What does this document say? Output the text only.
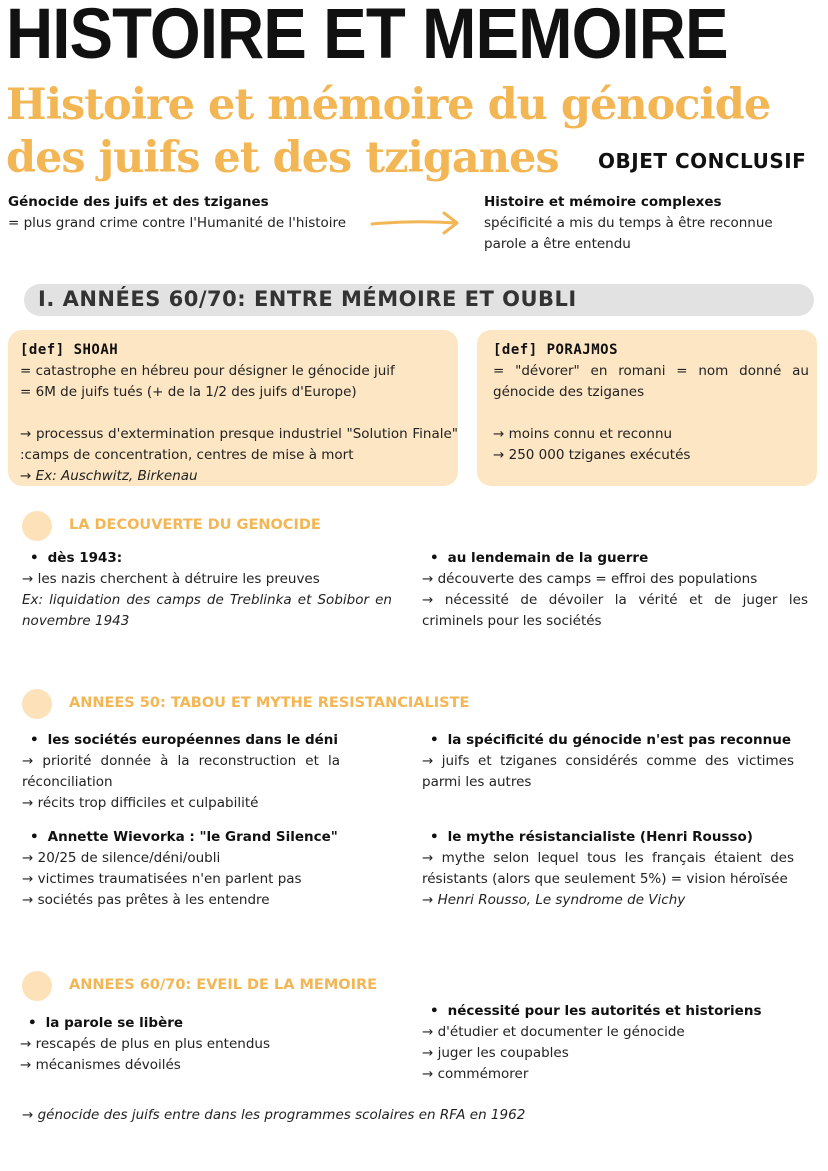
HISTOIRE ET MEMOIRE
Histoire et mémoire du génocide
des juifs et des tziganes OBJET CONCLUSIF
Génocide des juifs et des tziganes
= plus grand crime contre l'Humanité de l'histoire
Histoire et mémoire complexes
spécificité a mis du temps à être reconnue
parole a être entendu
I. ANNÉES 60/70: ENTRE MÉMOIRE ET OUBLI
[def] SHOAH
= catastrophe en hébreu pour désigner le génocide juif
= 6M de juifs tués (+ de la 1/2 des juifs d'Europe)
→ processus d'extermination presque industriel "Solution Finale" :camps de concentration, centres de mise à mort
→ Ex: Auschwitz, Birkenau
[def] PORAJMOS
= "dévorer" en romani = nom donné au génocide des tziganes
→ moins connu et reconnu
→ 250 000 tziganes exécutés
LA DECOUVERTE DU GENOCIDE
• dès 1943:
→ les nazis cherchent à détruire les preuves
Ex: liquidation des camps de Treblinka et Sobibor en novembre 1943
• au lendemain de la guerre
→ découverte des camps = effroi des populations
→ nécessité de dévoiler la vérité et de juger les criminels pour les sociétés
ANNEES 50: TABOU ET MYTHE RESISTANCIALISTE
• les sociétés européennes dans le déni
→ priorité donnée à la reconstruction et la réconciliation
→ récits trop difficiles et culpabilité
• la spécificité du génocide n'est pas reconnue
→ juifs et tziganes considérés comme des victimes parmi les autres
• Annette Wievorka : "le Grand Silence"
→ 20/25 de silence/déni/oubli
→ victimes traumatisées n'en parlent pas
→ sociétés pas prêtes à les entendre
• le mythe résistancialiste (Henri Rousso)
→ mythe selon lequel tous les français étaient des résistants (alors que seulement 5%) = vision héroïsée
→ Henri Rousso, Le syndrome de Vichy
ANNEES 60/70: EVEIL DE LA MEMOIRE
• la parole se libère
→ rescapés de plus en plus entendus
→ mécanismes dévoilés
• nécessité pour les autorités et historiens
→ d'étudier et documenter le génocide
→ juger les coupables
→ commémorer
→ génocide des juifs entre dans les programmes scolaires en RFA en 1962
